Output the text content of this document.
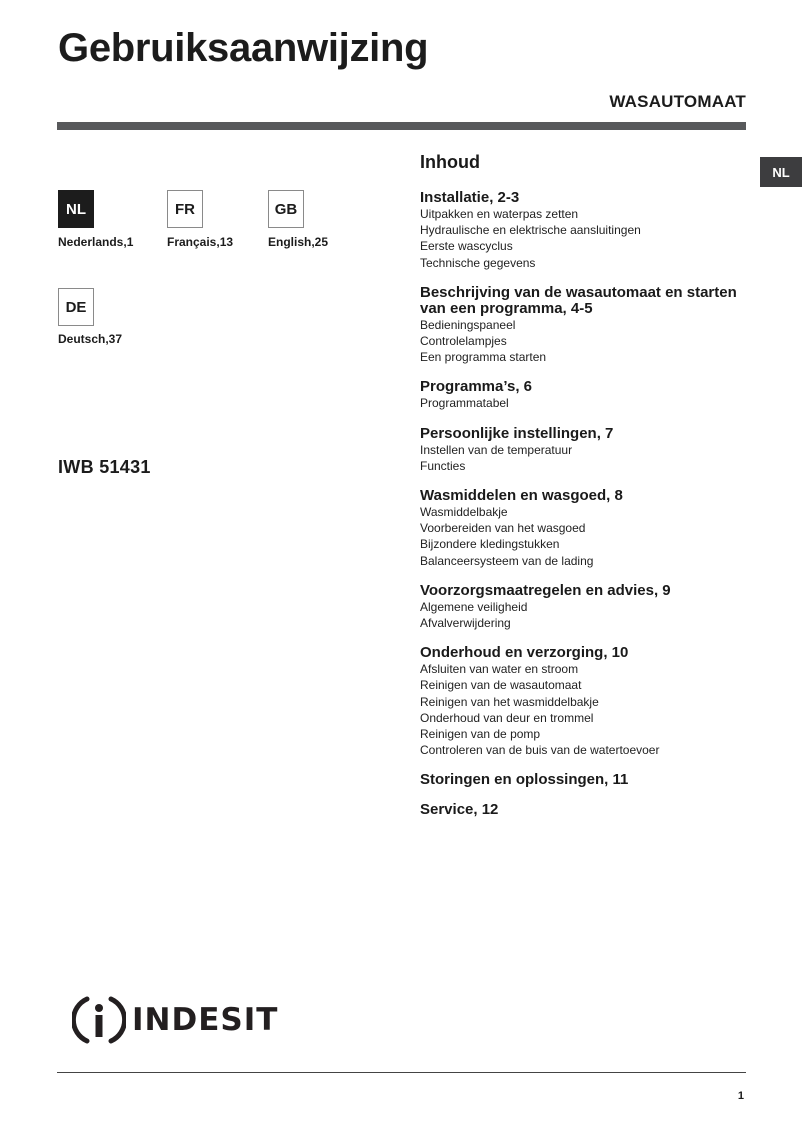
Gebruiksaanwijzing
WASAUTOMAAT
NL
NL
Nederlands,1
FR
Français,13
GB
English,25
DE
Deutsch,37
IWB 51431
Inhoud
Installatie, 2-3
Uitpakken en waterpas zetten
Hydraulische en elektrische aansluitingen
Eerste wascyclus
Technische gegevens
Beschrijving van de wasautomaat en starten van een programma, 4-5
Bedieningspaneel
Controlelampjes
Een programma starten
Programma’s, 6
Programmatabel
Persoonlijke instellingen, 7
Instellen van de temperatuur
Functies
Wasmiddelen en wasgoed, 8
Wasmiddelbakje
Voorbereiden van het wasgoed
Bijzondere kledingstukken
Balanceersysteem van de lading
Voorzorgsmaatregelen en advies, 9
Algemene veiligheid
Afvalverwijdering
Onderhoud en verzorging, 10
Afsluiten van water en stroom
Reinigen van de wasautomaat
Reinigen van het wasmiddelbakje
Onderhoud van deur en trommel
Reinigen van de pomp
Controleren van de buis van de watertoevoer
Storingen en oplossingen, 11
Service, 12
INDESIT
1
